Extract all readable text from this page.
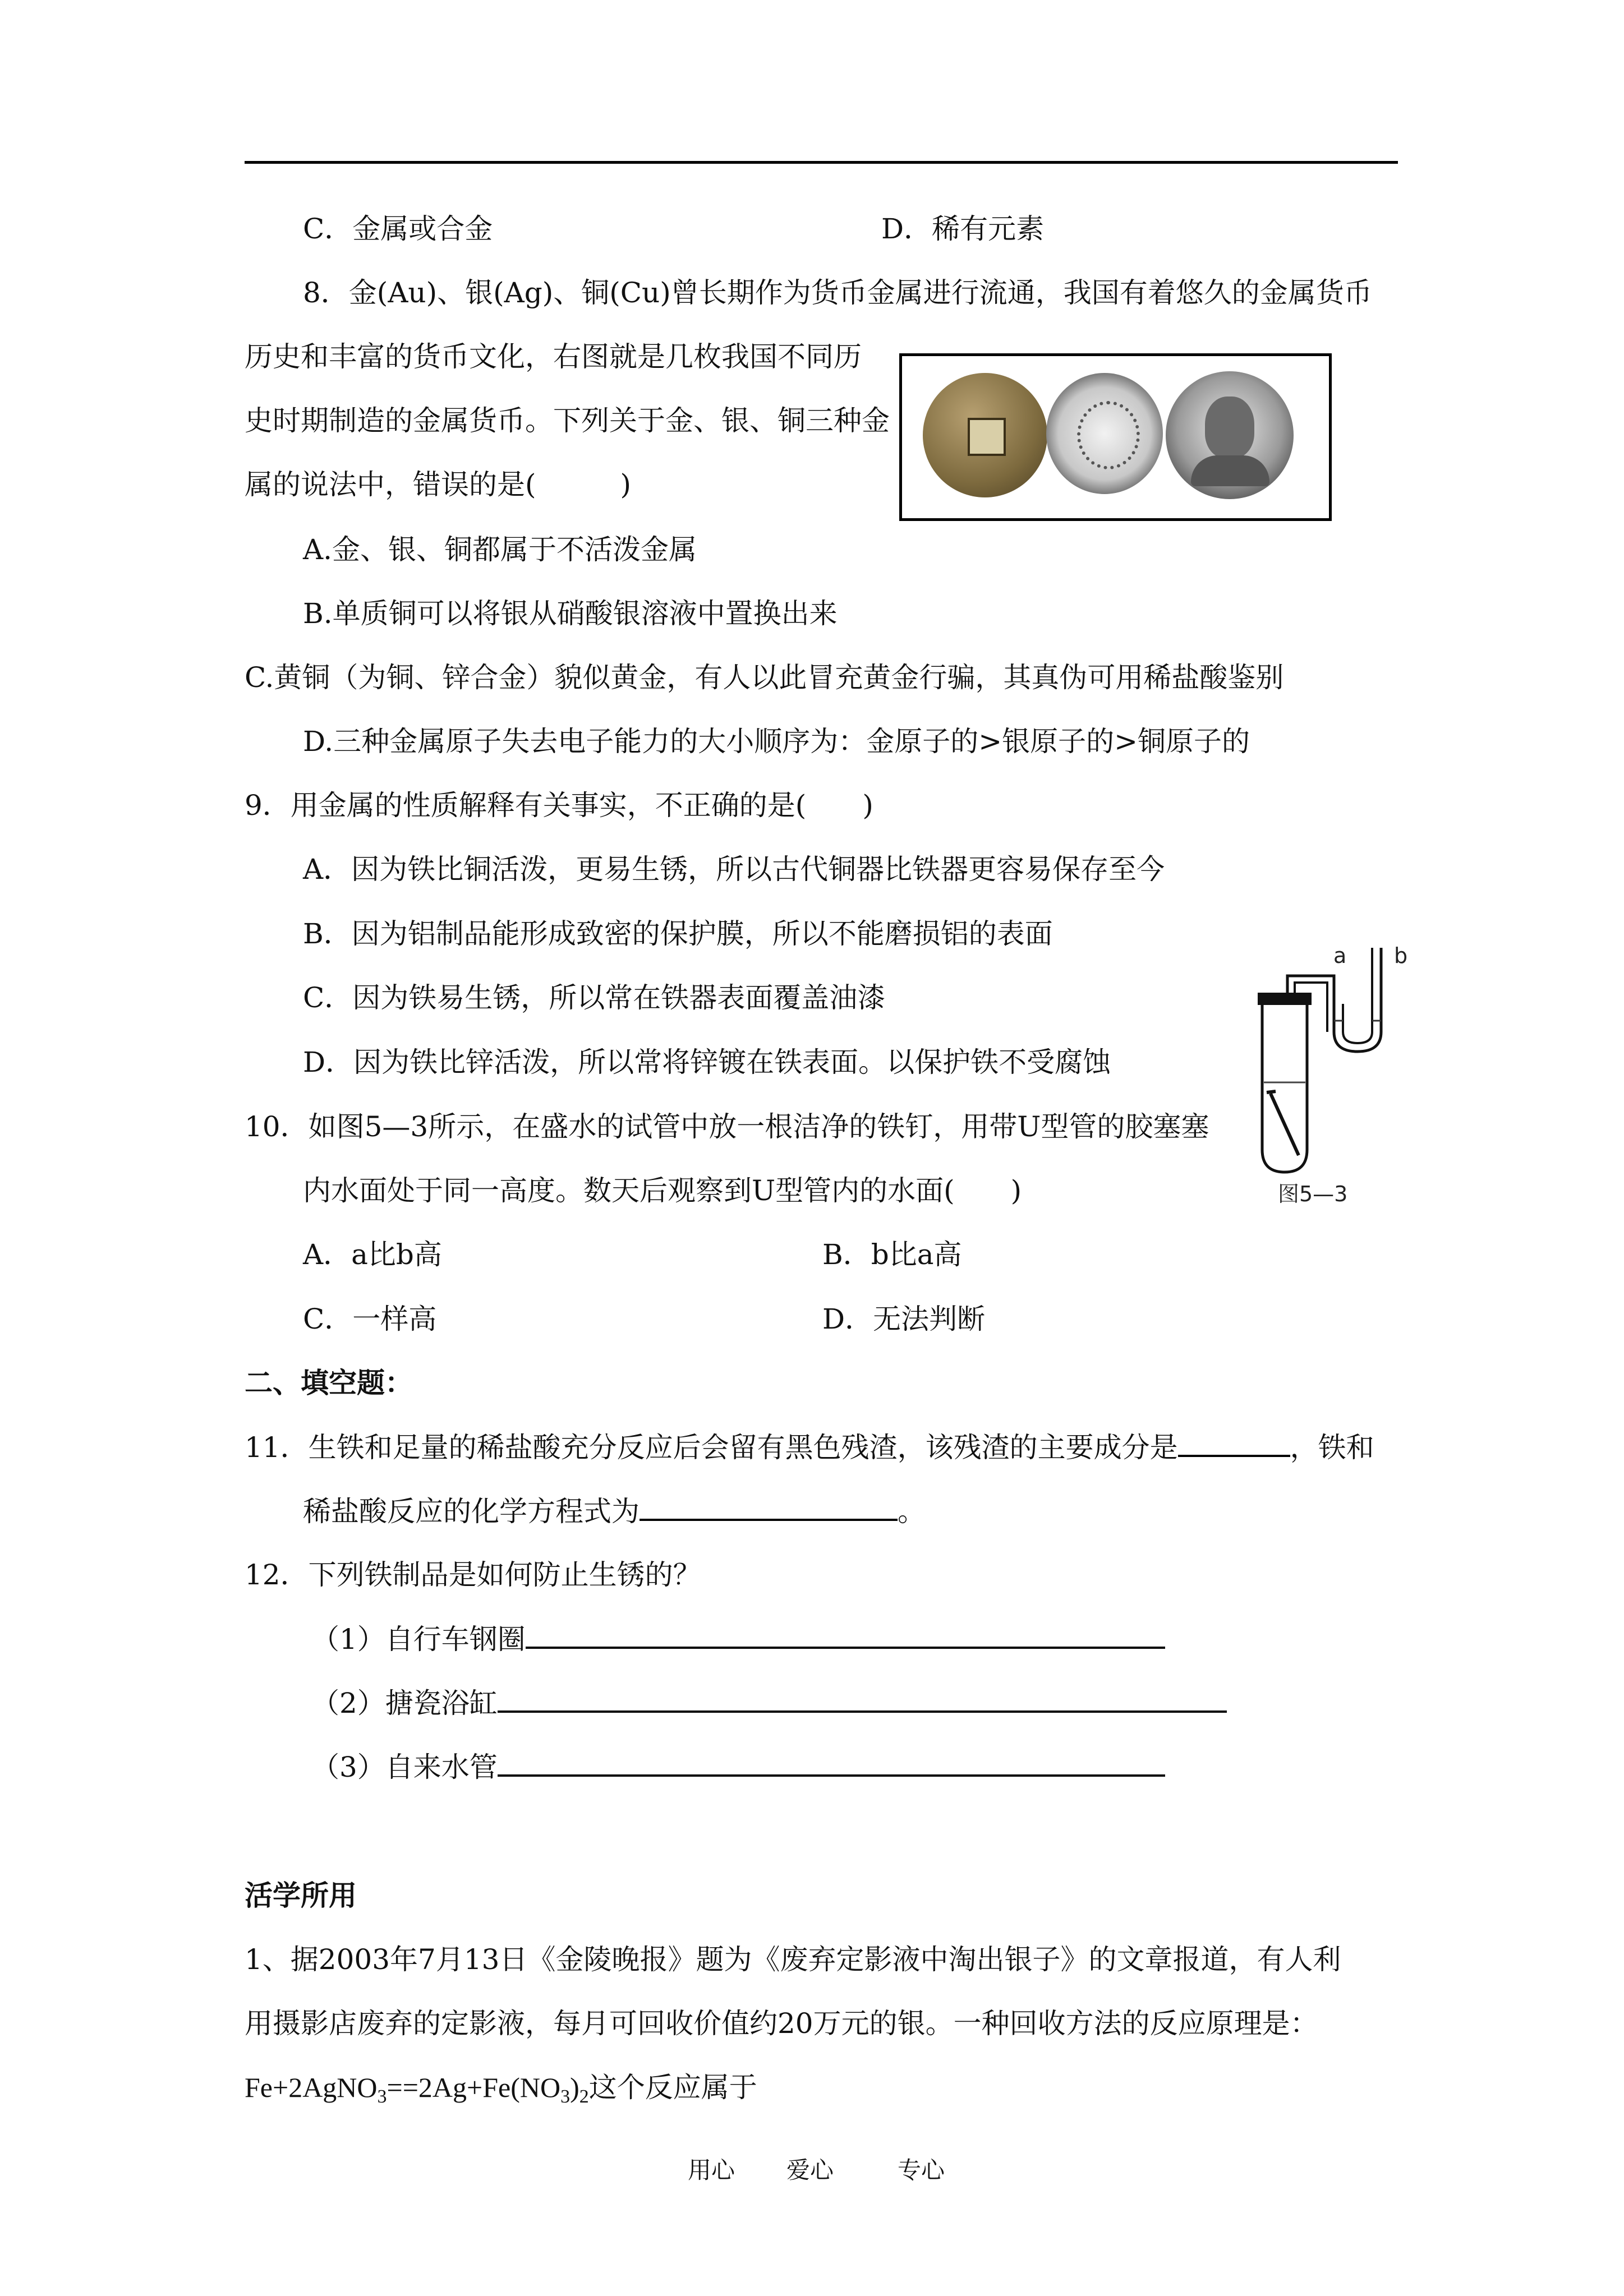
C．金属或合金	D．稀有元素
8．金(Au)、银(Ag)、铜(Cu)曾长期作为货币金属进行流通，我国有着悠久的金属货币
历史和丰富的货币文化，右图就是几枚我国不同历
史时期制造的金属货币。下列关于金、银、铜三种金
属的说法中，错误的是(　　　)
A.金、银、铜都属于不活泼金属
B.单质铜可以将银从硝酸银溶液中置换出来
C.黄铜（为铜、锌合金）貌似黄金，有人以此冒充黄金行骗，其真伪可用稀盐酸鉴别
D.三种金属原子失去电子能力的大小顺序为：金原子的>银原子的>铜原子的
9．用金属的性质解释有关事实，不正确的是(　　)
A．因为铁比铜活泼，更易生锈，所以古代铜器比铁器更容易保存至今
B．因为铝制品能形成致密的保护膜，所以不能磨损铝的表面
C．因为铁易生锈，所以常在铁器表面覆盖油漆
D．因为铁比锌活泼，所以常将锌镀在铁表面。以保护铁不受腐蚀
a b
图5—3
10．如图5—3所示，在盛水的试管中放一根洁净的铁钉，用带U型管的胶塞塞
内水面处于同一高度。数天后观察到U型管内的水面(　　)
A．a比b高	B．b比a高
C．一样高	D．无法判断
二、填空题：
11．生铁和足量的稀盐酸充分反应后会留有黑色残渣，该残渣的主要成分是	，铁和
稀盐酸反应的化学方程式为	。
12．下列铁制品是如何防止生锈的？
（1）自行车钢圈
（2）搪瓷浴缸
（3）自来水管
活学所用
1、据2003年7月13日《金陵晚报》题为《废弃定影液中淘出银子》的文章报道，有人利
用摄影店废弃的定影液，每月可回收价值约20万元的银。一种回收方法的反应原理是：
$Fe+2AgNO_3==2Ag+Fe(NO_3)_2$这个反应属于
用心 爱心	专心
